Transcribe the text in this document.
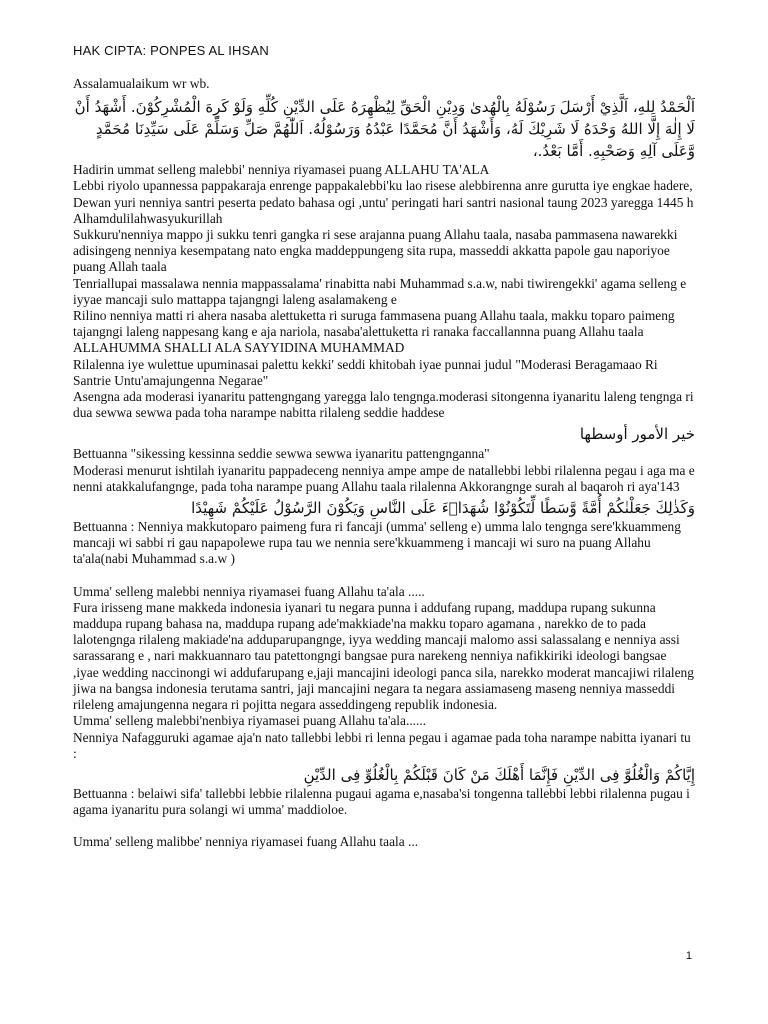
HAK CIPTA: PONPES AL IHSAN

Assalamualaikum wr wb.

اَلْحَمْدُ لِلهِ، اَلَّذِيْ أَرْسَلَ رَسُوْلَهُ بِالْهُدىٰ وَدِيْنِ الْحَقِّ لِيُظْهِرَهُ عَلَى الدِّيْنِ كُلِّهِ وَلَوْ كَرِهَ الْمُشْرِكُوْنَ. أَشْهَدُ أَنْ لَا إِلٰهَ إِلَّا اللهُ وَحْدَهُ لَا شَرِيْكَ لَهُ، وَأَشْهَدُ أَنَّ مُحَمَّدًا عَبْدُهُ وَرَسُوْلُهُ. اَللّٰهُمَّ صَلِّ وَسَلِّمْ عَلَى سَيِّدِنَا مُحَمَّدٍ وَّعَلَى آلِهِ وَصَحْبِهِ. أَمَّا بَعْدُ.،

Hadirin ummat selleng malebbi' nenniya riyamasei puang ALLAHU TA'ALA

Lebbi riyolo upannessa pappakaraja enrenge pappakalebbi'ku lao risese alebbirenna anre gurutta iye engkae hadere, Dewan yuri nenniya santri peserta pedato bahasa ogi ,untu' peringati hari santri nasional taung 2023 yaregga 1445 h

Alhamdulilahwasyukurillah

Sukkuru'nenniya mappo ji sukku tenri gangka ri sese arajanna puang Allahu taala, nasaba pammasena nawarekki adisingeng nenniya kesempatang nato engka maddeppungeng sita rupa, masseddi akkatta papole gau naporiyoe puang Allah taala

Tenriallupai massalawa nennia mappassalama' rinabitta nabi Muhammad s.a.w, nabi tiwirengekki' agama selleng e iyyae mancaji sulo mattappa tajangngi laleng asalamakeng e

Rilino nenniya matti ri ahera nasaba alettuketta ri suruga fammasena puang Allahu taala, makku toparo paimeng tajangngi laleng nappesang kang e aja nariola, nasaba'alettuketta ri ranaka faccallannna puang Allahu taala

ALLAHUMMA SHALLI ALA SAYYIDINA MUHAMMAD

Rilalenna iye wulettue upuminasai palettu kekki' seddi khitobah iyae punnai judul "Moderasi Beragamaao Ri Santrie Untu'amajungenna Negarae"

Asengna ada moderasi iyanaritu pattengngang yaregga lalo tengnga.moderasi sitongenna iyanaritu laleng tengnga ri dua sewwa sewwa pada toha narampe nabitta rilaleng seddie haddese

خير الأمور أوسطها

Bettuanna "sikessing kessinna seddie sewwa sewwa iyanaritu pattengnganna"

Moderasi menurut ishtilah iyanaritu pappadeceng nenniya ampe ampe de natallebbi lebbi rilalenna pegau i aga ma e nenni atakkalufangnge, pada toha narampe puang Allahu taala rilalenna Akkorangnge surah al baqaroh ri aya'143

وَكَذٰلِكَ جَعَلْنٰكُمْ أُمَّةً وَّسَطًا لِّتَكُوْنُوْا شُهَدَاۤءَ عَلَى النَّاسِ وَيَكُوْنَ الرَّسُوْلُ عَلَيْكُمْ شَهِيْدًا

Bettuanna : Nenniya makkutoparo paimeng fura ri fancaji (umma' selleng e) umma lalo tengnga sere'kkuammeng mancaji wi sabbi ri gau napapolewe rupa tau we nennia sere'kkuammeng i mancaji wi suro na puang Allahu ta'ala(nabi Muhammad s.a.w )

Umma' selleng malebbi nenniya riyamasei fuang Allahu ta'ala .....

Fura irisseng mane makkeda indonesia iyanari tu negara punna i addufang rupang, maddupa rupang sukunna maddupa rupang bahasa na, maddupa rupang ade'makkiade'na makku toparo agamana , narekko de to pada lalotengnga rilaleng makiade'na adduparupangnge, iyya wedding mancaji malomo assi salassalang e nenniya assi sarassarang e , nari makkuannaro tau patettongngi bangsae pura narekeng nenniya nafikkiriki ideologi bangsae ,iyae wedding naccinongi wi addufarupang e,jaji mancajini ideologi panca sila, narekko moderat mancajiwi rilaleng jiwa na bangsa indonesia terutama santri, jaji mancajini negara ta negara assiamaseng maseng nenniya masseddi rileleng amajungenna negara ri pojitta negara asseddingeng republik indonesia.

Umma' selleng malebbi'nenbiya riyamasei puang Allahu ta'ala......

Nenniya Nafagguruki agamae aja'n nato tallebbi lebbi ri lenna pegau i agamae pada toha narampe nabitta iyanari tu :

إِيَّاكُمْ وَالْغُلُوَّ فِى الدِّيْنِ فَإِنَّمَا أَهْلَكَ مَنْ كَانَ قَبْلَكُمْ بِالْغُلُوِّ فِى الدِّيْنِ

Bettuanna : belaiwi sifa' tallebbi lebbie rilalenna pugaui agama e,nasaba'si tongenna tallebbi lebbi rilalenna pugau i agama iyanaritu pura solangi wi umma' maddioloe.

Umma' selleng malibbe' nenniya riyamasei fuang Allahu taala ...

1
